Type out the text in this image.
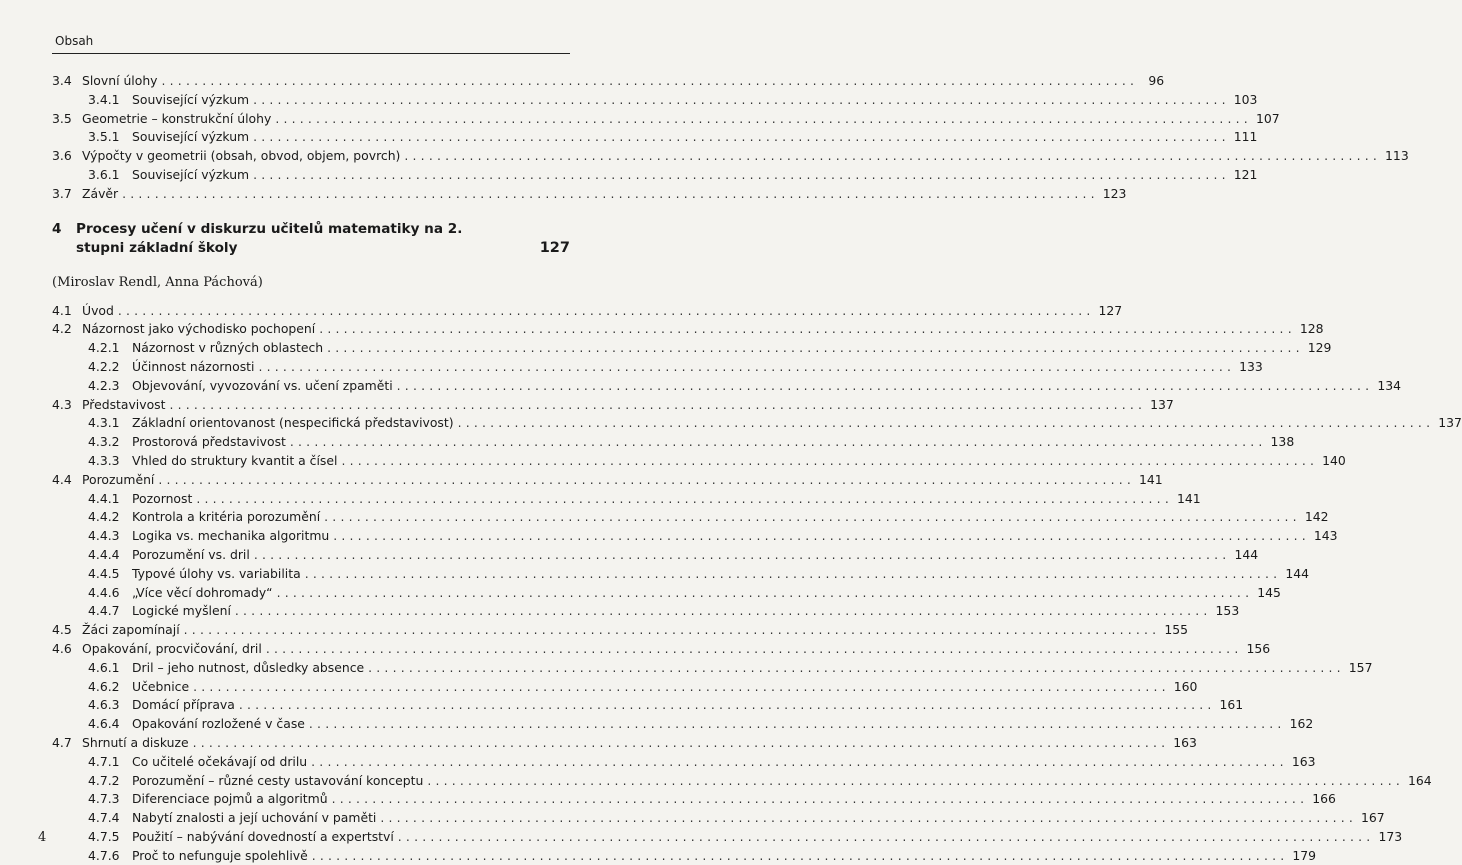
Obsah
3.4 Slovní úlohy ........................................................................................................................ 96
3.4.1	Související výzkum ........................................................................................................................ 103
3.5 Geometrie – konstrukční úlohy ........................................................................................................................ 107
3.5.1	Související výzkum ........................................................................................................................ 111
3.6 Výpočty v geometrii (obsah, obvod, objem, povrch) ........................................................................................................................ 113
3.6.1	Související výzkum ........................................................................................................................ 121
3.7 Závěr ........................................................................................................................ 123
4 Procesy učení v diskurzu učitelů matematiky na 2. stupni základní školy	127
(Miroslav Rendl, Anna Páchová)
4.1 Úvod ........................................................................................................................ 127
4.2 Názornost jako východisko pochopení ........................................................................................................................ 128
4.2.1	Názornost v různých oblastech ........................................................................................................................ 129
4.2.2	Účinnost názornosti ........................................................................................................................ 133
4.2.3	Objevování, vyvozování vs. učení zpaměti ........................................................................................................................ 134
4.3 Představivost ........................................................................................................................ 137
4.3.1	Základní orientovanost (nespecifická představivost) ........................................................................................................................ 137
4.3.2	Prostorová představivost ........................................................................................................................ 138
4.3.3	Vhled do struktury kvantit a čísel ........................................................................................................................ 140
4.4 Porozumění ........................................................................................................................ 141
4.4.1	Pozornost ........................................................................................................................ 141
4.4.2	Kontrola a kritéria porozumění ........................................................................................................................ 142
4.4.3	Logika vs. mechanika algoritmu ........................................................................................................................ 143
4.4.4	Porozumění vs. dril ........................................................................................................................ 144
4.4.5	Typové úlohy vs. variabilita ........................................................................................................................ 144
4.4.6	„Více věcí dohromady“ ........................................................................................................................ 145
4.4.7	Logické myšlení ........................................................................................................................ 153
4.5 Žáci zapomínají ........................................................................................................................ 155
4.6 Opakování, procvičování, dril ........................................................................................................................ 156
4.6.1	Dril – jeho nutnost, důsledky absence ........................................................................................................................ 157
4.6.2	Učebnice ........................................................................................................................ 160
4.6.3	Domácí příprava ........................................................................................................................ 161
4.6.4	Opakování rozložené v čase ........................................................................................................................ 162
4.7 Shrnutí a diskuze ........................................................................................................................ 163
4.7.1	Co učitelé očekávají od drilu ........................................................................................................................ 163
4.7.2	Porozumění – různé cesty ustavování konceptu ........................................................................................................................ 164
4.7.3	Diferenciace pojmů a algoritmů ........................................................................................................................ 166
4.7.4	Nabytí znalosti a její uchování v paměti ........................................................................................................................ 167
4.7.5	Použití – nabývání dovedností a expertství ........................................................................................................................ 173
4.7.6	Proč to nefunguje spolehlivě ........................................................................................................................ 179
4
